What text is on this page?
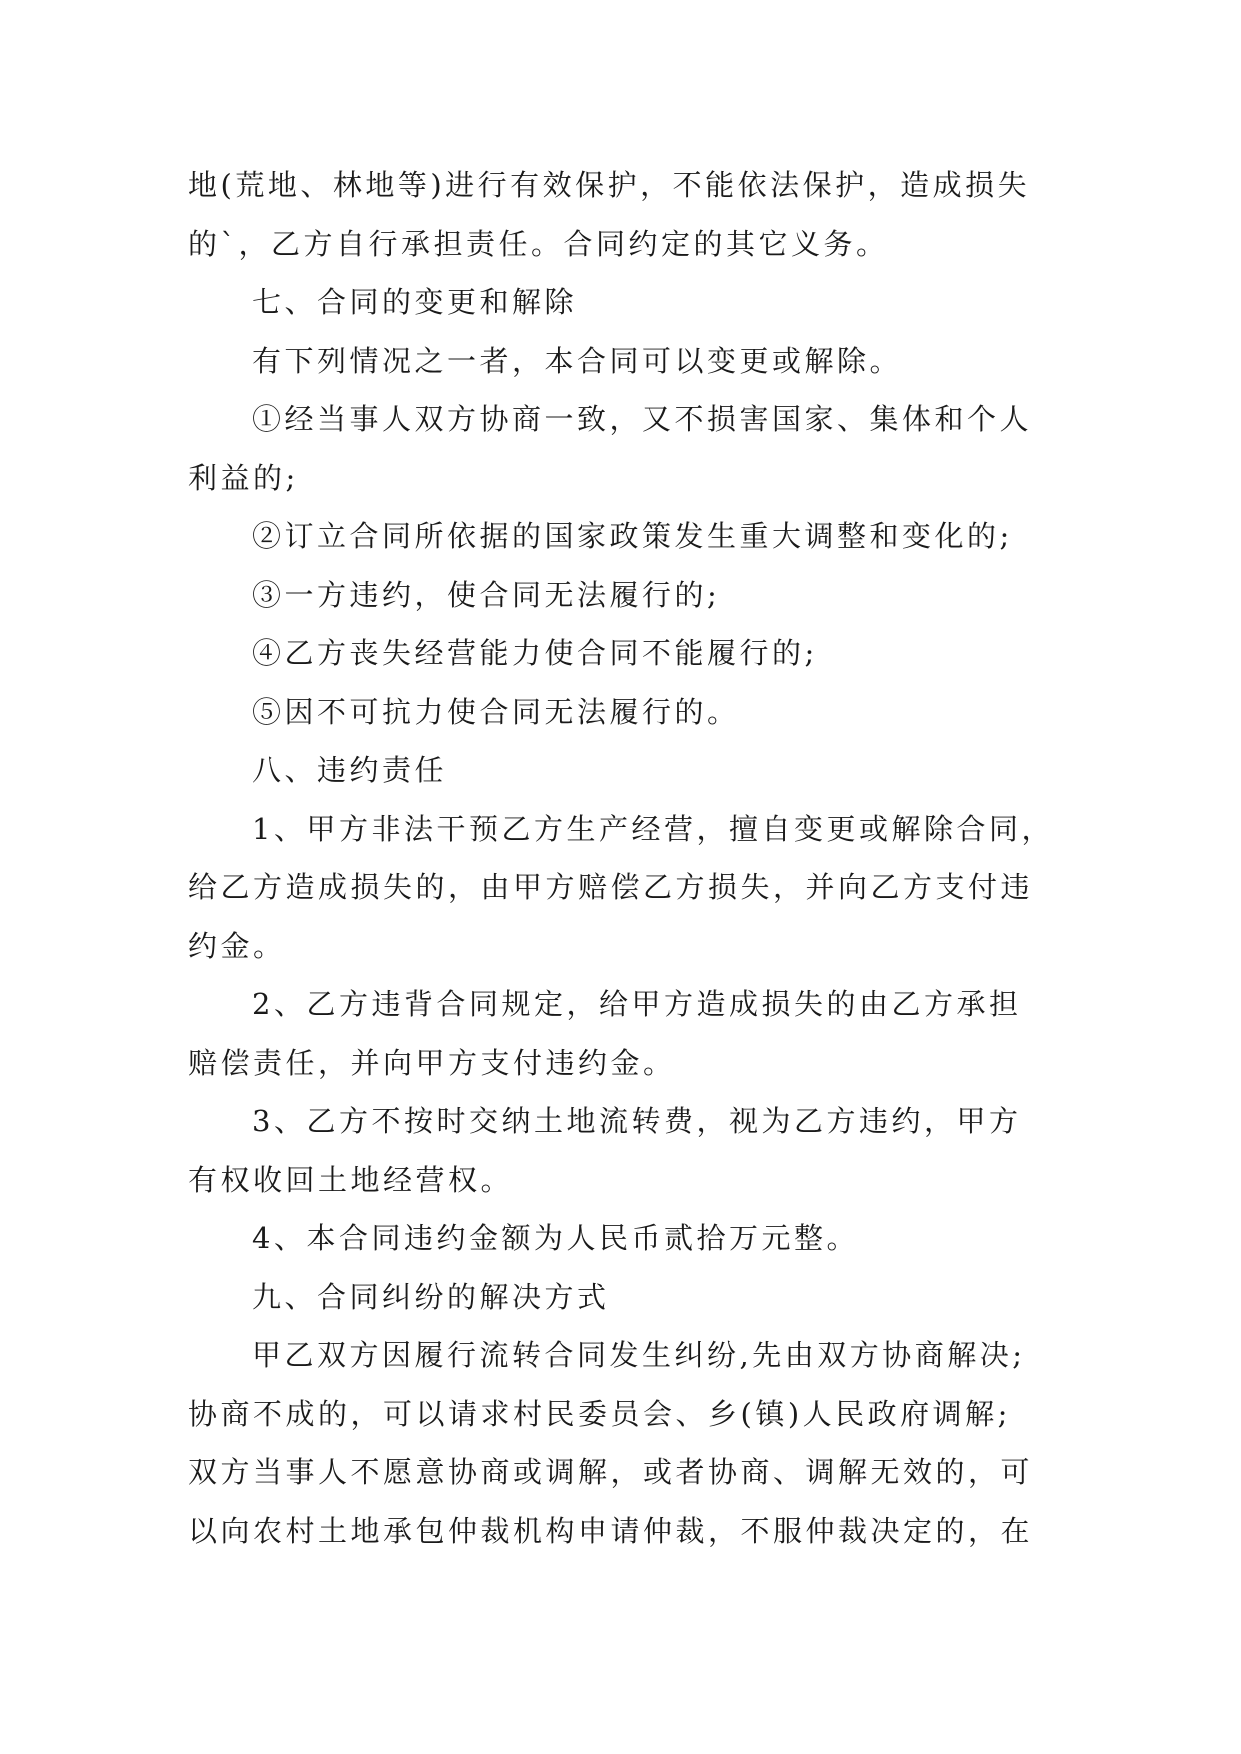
地(荒地、林地等)进行有效保护，不能依法保护，造成损失
的`，乙方自行承担责任。合同约定的其它义务。
七、合同的变更和解除
有下列情况之一者，本合同可以变更或解除。
①经当事人双方协商一致，又不损害国家、集体和个人
利益的;
②订立合同所依据的国家政策发生重大调整和变化的;
③一方违约，使合同无法履行的;
④乙方丧失经营能力使合同不能履行的;
⑤因不可抗力使合同无法履行的。
八、违约责任
1、甲方非法干预乙方生产经营，擅自变更或解除合同，
给乙方造成损失的，由甲方赔偿乙方损失，并向乙方支付违
约金。
2、乙方违背合同规定，给甲方造成损失的由乙方承担
赔偿责任，并向甲方支付违约金。
3、乙方不按时交纳土地流转费，视为乙方违约，甲方
有权收回土地经营权。
4、本合同违约金额为人民币贰拾万元整。
九、合同纠纷的解决方式
甲乙双方因履行流转合同发生纠纷,先由双方协商解决;
协商不成的，可以请求村民委员会、乡(镇)人民政府调解;
双方当事人不愿意协商或调解，或者协商、调解无效的，可
以向农村土地承包仲裁机构申请仲裁，不服仲裁决定的，在
